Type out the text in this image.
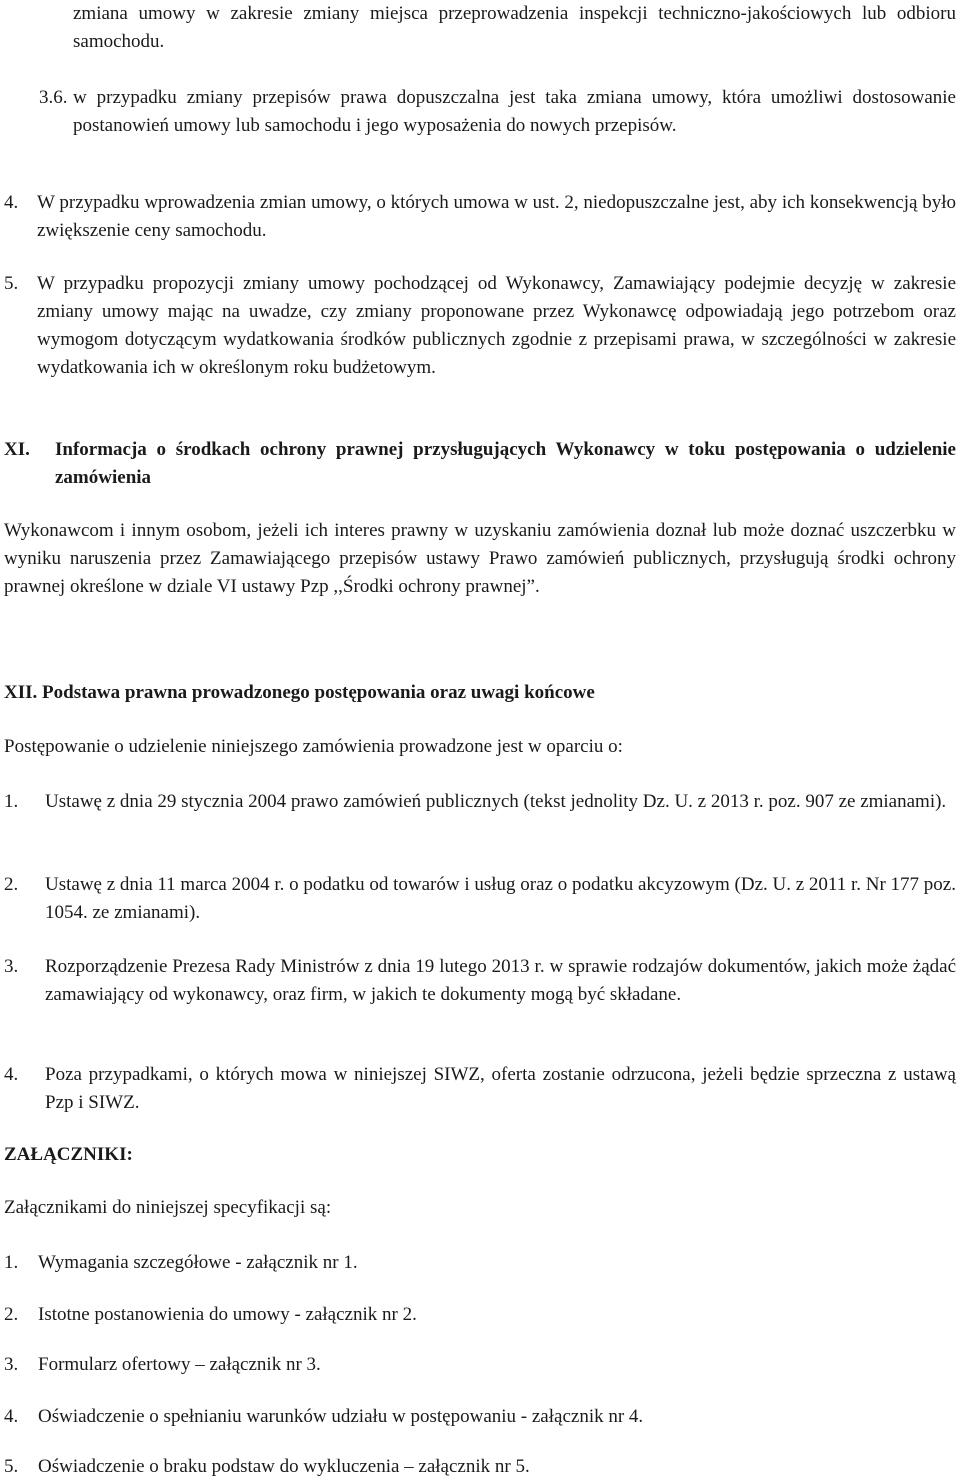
zmiana umowy w zakresie zmiany miejsca przeprowadzenia inspekcji techniczno-jakościowych lub odbioru samochodu.

3.6. w przypadku zmiany przepisów prawa dopuszczalna jest taka zmiana umowy, która umożliwi dostosowanie postanowień umowy lub samochodu i jego wyposażenia do nowych przepisów.
4. W przypadku wprowadzenia zmian umowy, o których umowa w ust. 2, niedopuszczalne jest, aby ich konsekwencją było zwiększenie ceny samochodu.
5. W przypadku propozycji zmiany umowy pochodzącej od Wykonawcy, Zamawiający podejmie decyzję w zakresie zmiany umowy mając na uwadze, czy zmiany proponowane przez Wykonawcę odpowiadają jego potrzebom oraz wymogom dotyczącym wydatkowania środków publicznych zgodnie z przepisami prawa, w szczególności w zakresie wydatkowania ich w określonym roku budżetowym.
XI. Informacja o środkach ochrony prawnej przysługujących Wykonawcy w toku postępowania o udzielenie zamówienia

Wykonawcom i innym osobom, jeżeli ich interes prawny w uzyskaniu zamówienia doznał lub może doznać uszczerbku w wyniku naruszenia przez Zamawiającego przepisów ustawy Prawo zamówień publicznych, przysługują środki ochrony prawnej określone w dziale VI ustawy Pzp ,,Środki ochrony prawnej”.

XII. Podstawa prawna prowadzonego postępowania oraz uwagi końcowe

Postępowanie o udzielenie niniejszego zamówienia prowadzone jest w oparciu o:

1. Ustawę z dnia 29 stycznia 2004 prawo zamówień publicznych (tekst jednolity Dz. U. z 2013 r. poz. 907 ze zmianami).
2. Ustawę z dnia 11 marca 2004 r. o podatku od towarów i usług oraz o podatku akcyzowym (Dz. U. z 2011 r. Nr 177 poz. 1054. ze zmianami).
3. Rozporządzenie Prezesa Rady Ministrów z dnia 19 lutego 2013 r. w sprawie rodzajów dokumentów, jakich może żądać zamawiający od wykonawcy, oraz firm, w jakich te dokumenty mogą być składane.
4. Poza przypadkami, o których mowa w niniejszej SIWZ, oferta zostanie odrzucona, jeżeli będzie sprzeczna z ustawą Pzp i SIWZ.
ZAŁĄCZNIKI:

Załącznikami do niniejszej specyfikacji są:

1. Wymagania szczegółowe - załącznik nr 1.
2. Istotne postanowienia do umowy - załącznik nr 2.
3. Formularz ofertowy – załącznik nr 3.
4. Oświadczenie o spełnianiu warunków udziału w postępowaniu - załącznik nr 4.
5. Oświadczenie o braku podstaw do wykluczenia – załącznik nr 5.
